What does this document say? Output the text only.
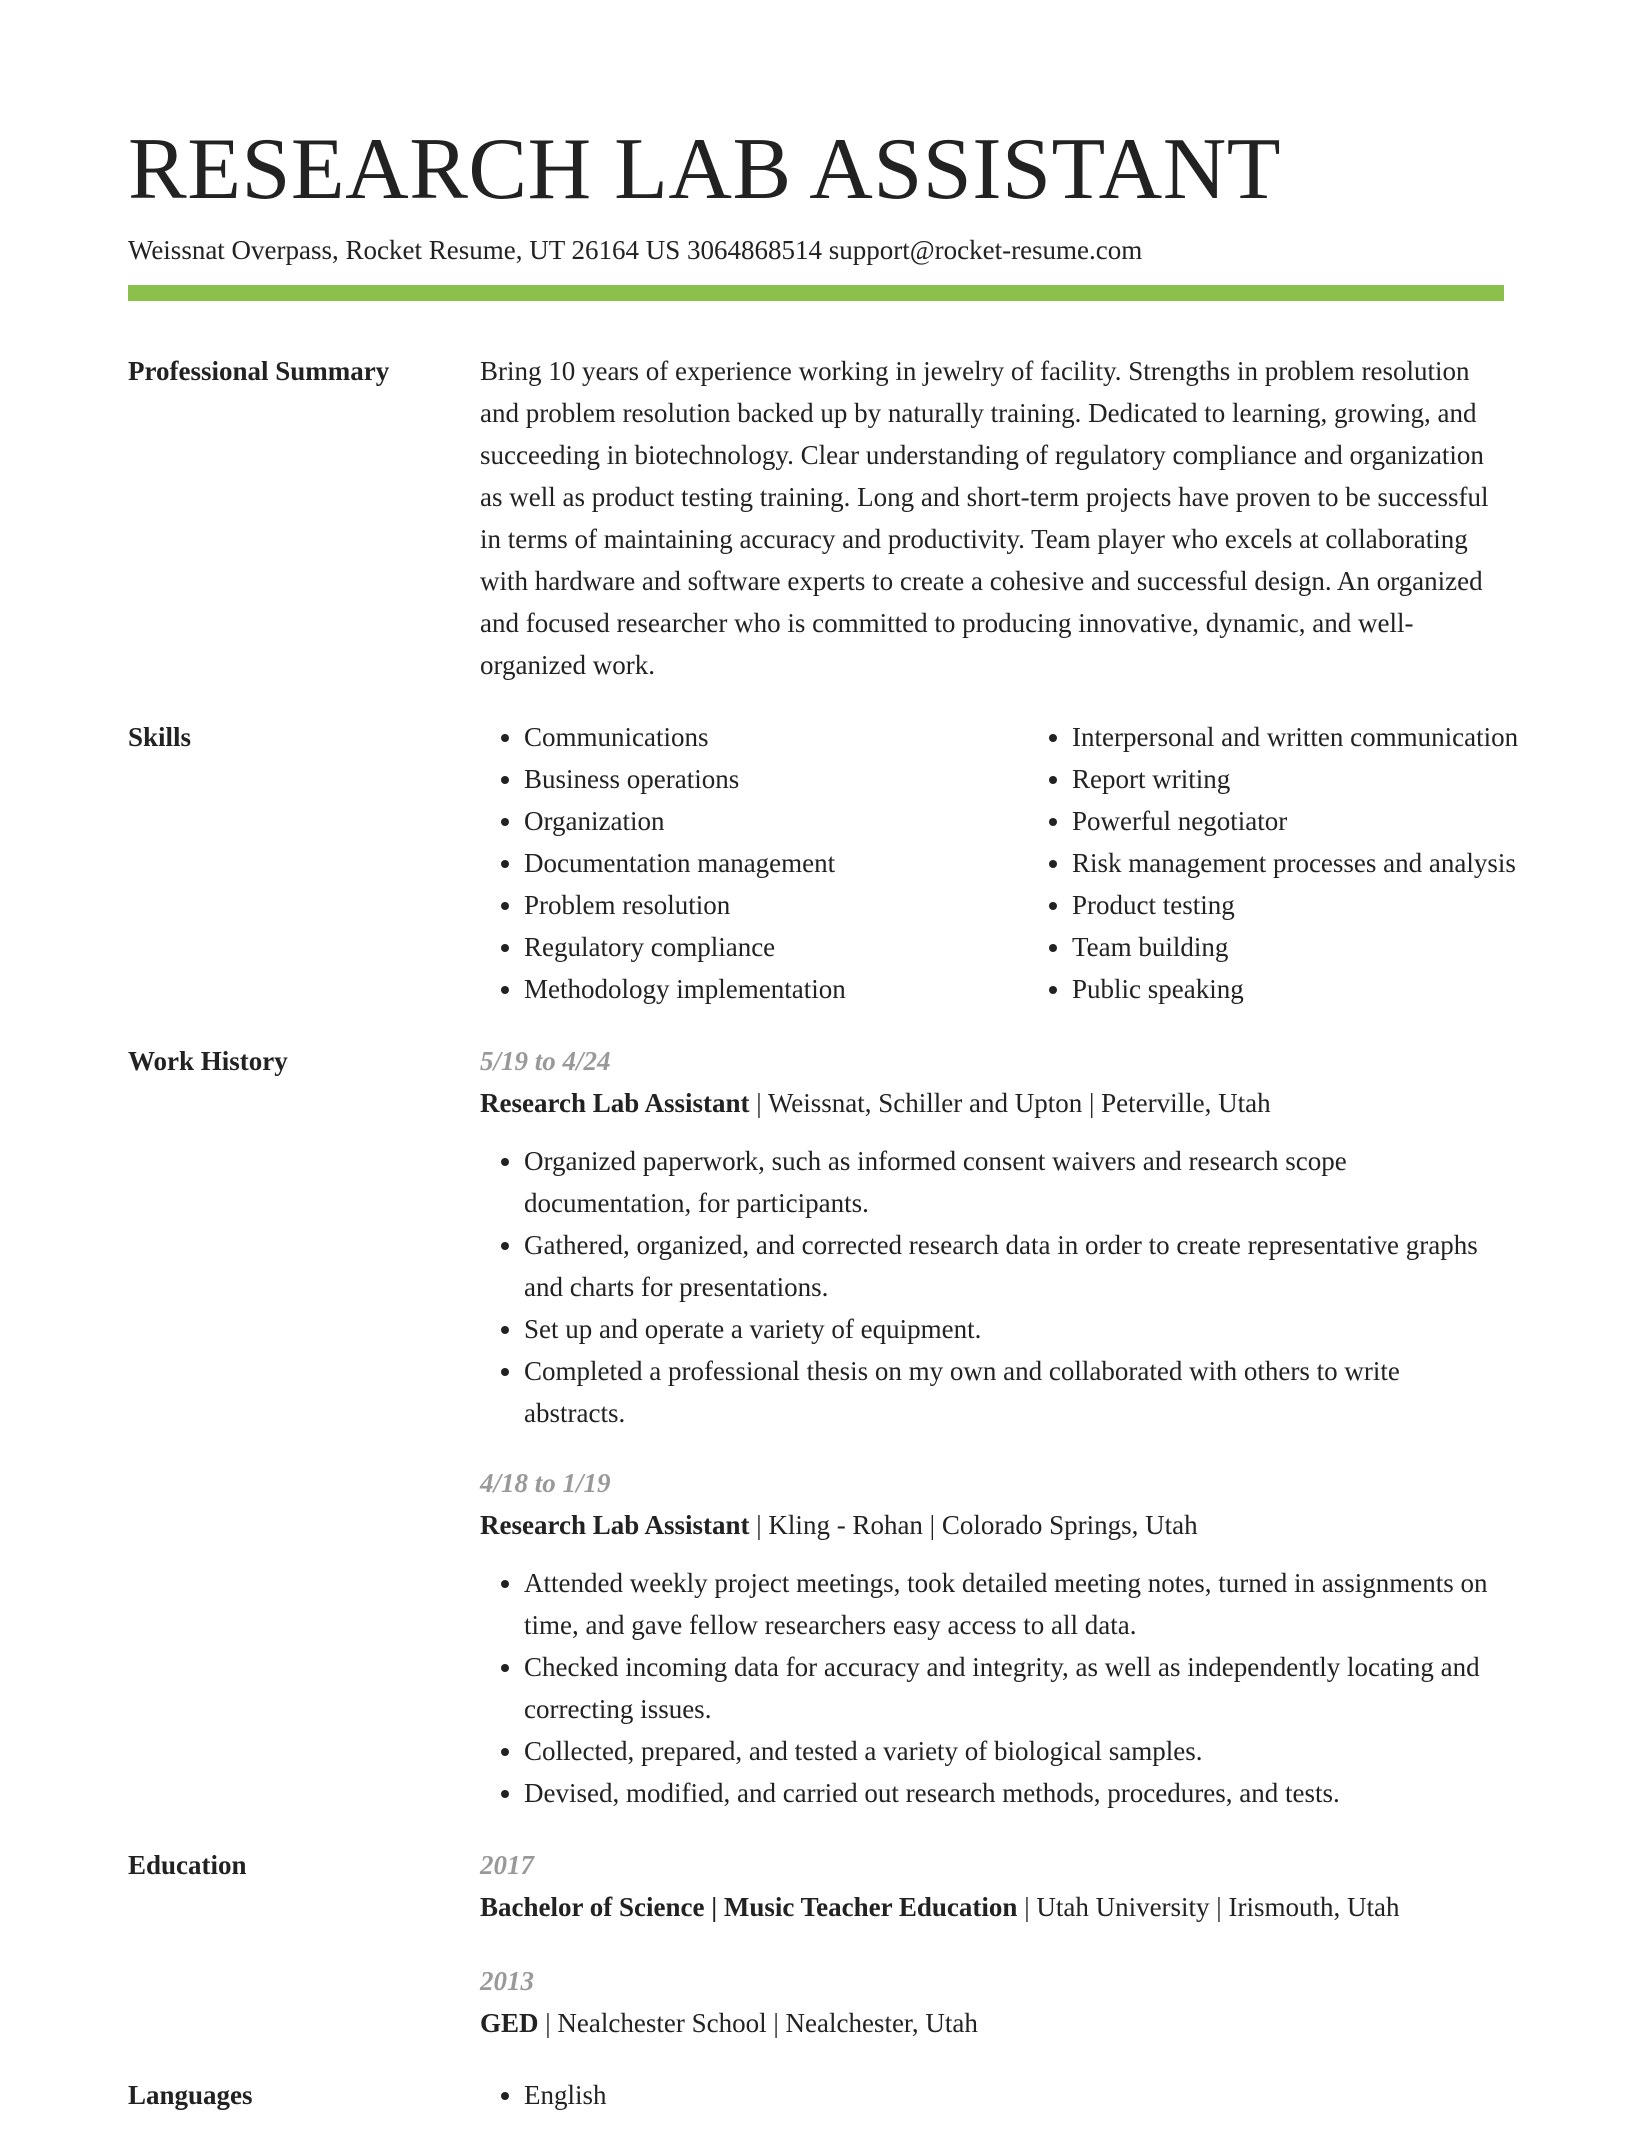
RESEARCH LAB ASSISTANT
Weissnat Overpass, Rocket Resume, UT 26164 US 3064868514 support@rocket-resume.com
Professional Summary	Bring 10 years of experience working in jewelry of facility. Strengths in problem resolution and problem resolution backed up by naturally training. Dedicated to learning, growing, and succeeding in biotechnology. Clear understanding of regulatory compliance and organization as well as product testing training. Long and short-term projects have proven to be successful in terms of maintaining accuracy and productivity. Team player who excels at collaborating with hardware and software experts to create a cohesive and successful design. An organized and focused researcher who is committed to producing innovative, dynamic, and well-organized work.

Skills	• Communications
• Business operations
• Organization
• Documentation management
• Problem resolution
• Regulatory compliance
• Methodology implementation
• Interpersonal and written communication
• Report writing
• Powerful negotiator
• Risk management processes and analysis
• Product testing
• Team building
• Public speaking
Work History	5/19 to 4/24
Research Lab Assistant | Weissnat, Schiller and Upton | Peterville, Utah
• Organized paperwork, such as informed consent waivers and research scope documentation, for participants.
• Gathered, organized, and corrected research data in order to create representative graphs and charts for presentations.
• Set up and operate a variety of equipment.
• Completed a professional thesis on my own and collaborated with others to write abstracts.
4/18 to 1/19
Research Lab Assistant | Kling - Rohan | Colorado Springs, Utah
• Attended weekly project meetings, took detailed meeting notes, turned in assignments on time, and gave fellow researchers easy access to all data.
• Checked incoming data for accuracy and integrity, as well as independently locating and correcting issues.
• Collected, prepared, and tested a variety of biological samples.
• Devised, modified, and carried out research methods, procedures, and tests.
Education	2017
Bachelor of Science | Music Teacher Education | Utah University | Irismouth, Utah
2013
GED | Nealchester School | Nealchester, Utah
Languages	• English
